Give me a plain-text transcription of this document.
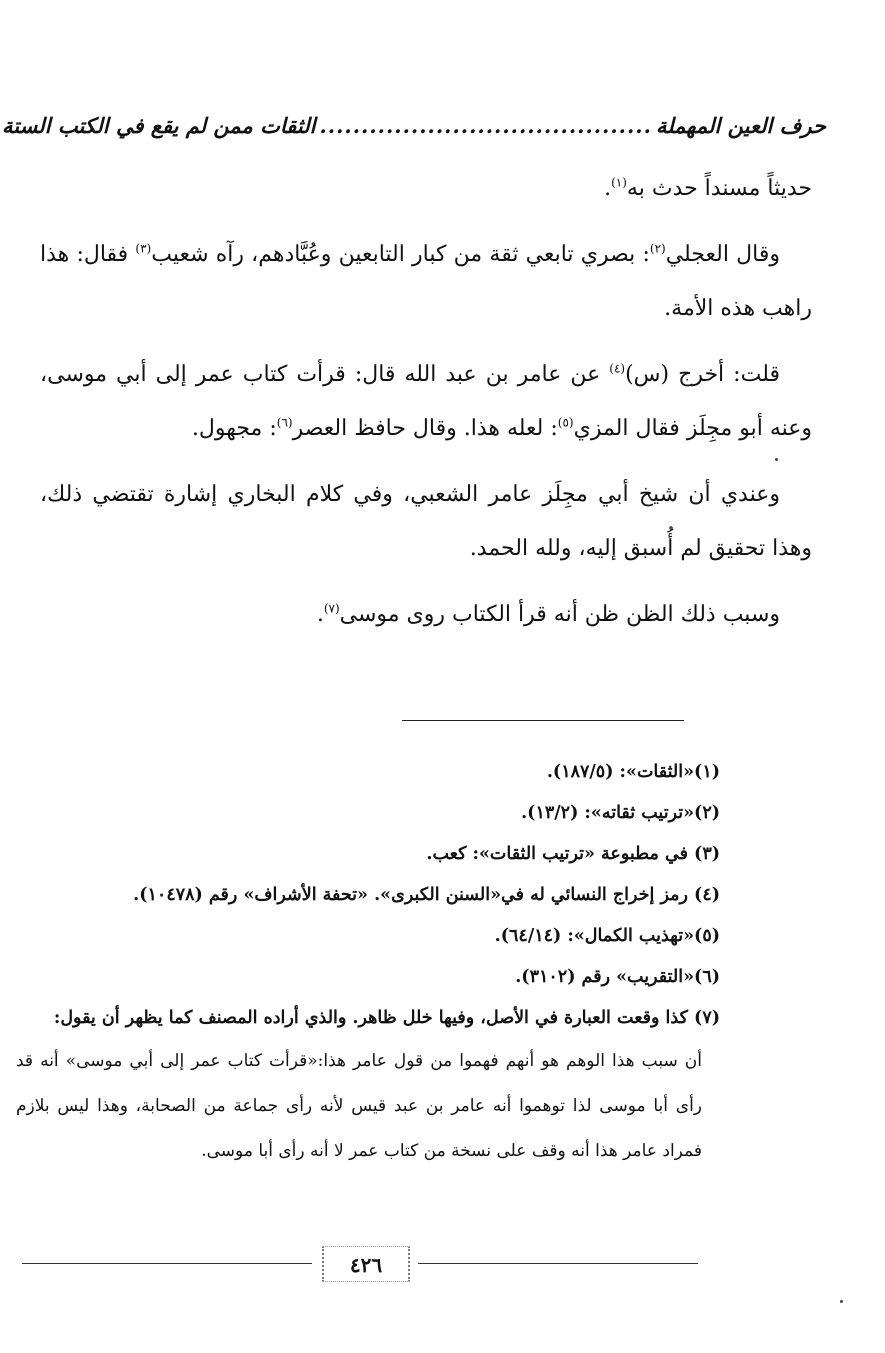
حرف العين المهملة
........................................
الثقات ممن لم يقع في الكتب الستة

حديثاً مسنداً حدث به$^{(١)}$.

وقال العجلي$^{(٢)}$: بصري تابعي ثقة من كبار التابعين وعُبَّادهم، رآه شعيب$^{(٣)}$ فقال: هذا راهب هذه الأمة.

قلت: أخرج (س)$^{(٤)}$ عن عامر بن عبد الله قال: قرأت كتاب عمر إلى أبي موسى، وعنه أبو مجِلَز فقال المزي$^{(٥)}$: لعله هذا. وقال حافظ العصر$^{(٦)}$: مجهول.

وعندي أن شيخ أبي مجِلَز عامر الشعبي، وفي كلام البخاري إشارة تقتضي ذلك، وهذا تحقيق لم أُسبق إليه، ولله الحمد.

وسبب ذلك الظن ظن أنه قرأ الكتاب روى موسى$^{(٧)}$.

(١)«الثقات»: (١٨٧/٥).
(٢)«ترتيب ثقاته»: (١٣/٢).
(٣) في مطبوعة «ترتيب الثقات»: كعب.
(٤) رمز إخراج النسائي له في«السنن الكبرى». «تحفة الأشراف» رقم (١٠٤٧٨).
(٥)«تهذيب الكمال»: (٦٤/١٤).
(٦)«التقريب» رقم (٣١٠٢).
(٧) كذا وقعت العبارة في الأصل، وفيها خلل ظاهر. والذي أراده المصنف كما يظهر أن يقول:
أن سبب هذا الوهم هو أنهم فهموا من قول عامر هذا:«قرأت كتاب عمر إلى أبي موسى» أنه قد رأى أبا موسى لذا توهموا أنه عامر بن عبد قيس لأنه رأى جماعة من الصحابة، وهذا ليس بلازم فمراد عامر هذا أنه وقف على نسخة من كتاب عمر لا أنه رأى أبا موسى.
٤٢٦
